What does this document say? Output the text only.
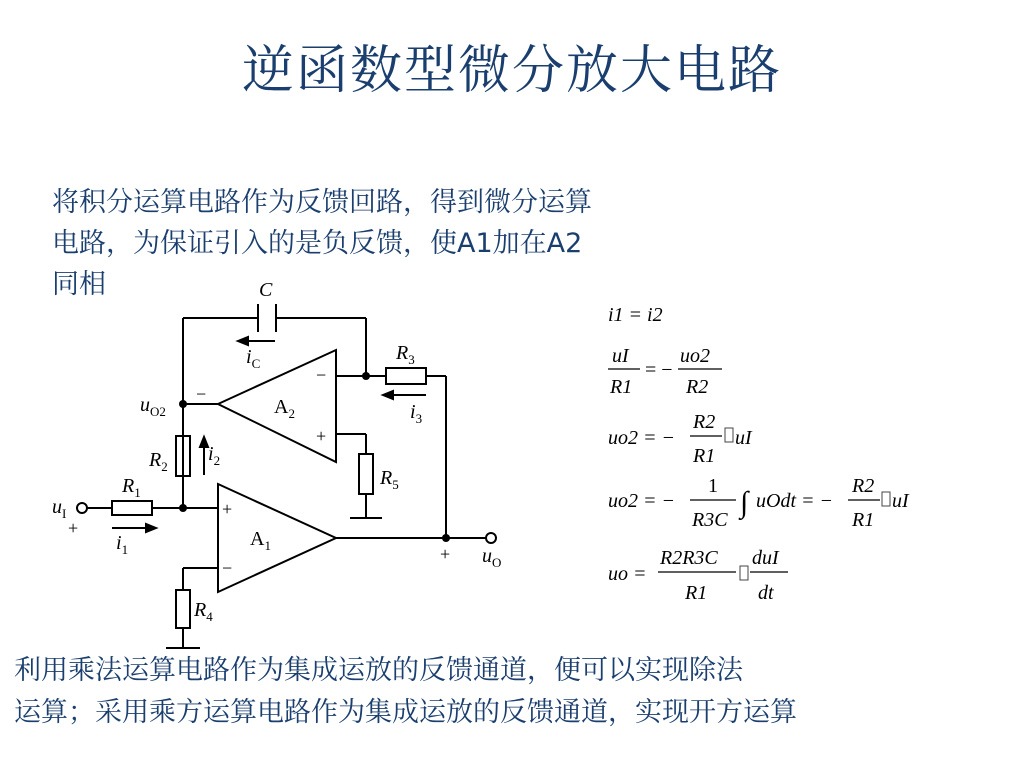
逆函数型微分放大电路
将积分运算电路作为反馈回路，得到微分运算
电路，为保证引入的是负反馈，使A1加在A2
同相	C
$i_C$	$R_3$
$i_3$
$A_2$
−
+
$u_{O2}$
−
$R_2$
$i_2$
$R_5$
$R_1$
$u_I$
+
$i_1$	$A_1$
+
−
$R_4$
+ $u_O$
i1 = i2
uI
R1
= −
uo2
R2
uo2 = −
R2
R1
uI
uo2 = −
1
R3C
∫ uOdt = −
R2
R1
uI
uo =
R2R3C
R1
duI
dt
利用乘法运算电路作为集成运放的反馈通道，便可以实现除法
运算；采用乘方运算电路作为集成运放的反馈通道，实现开方运算
